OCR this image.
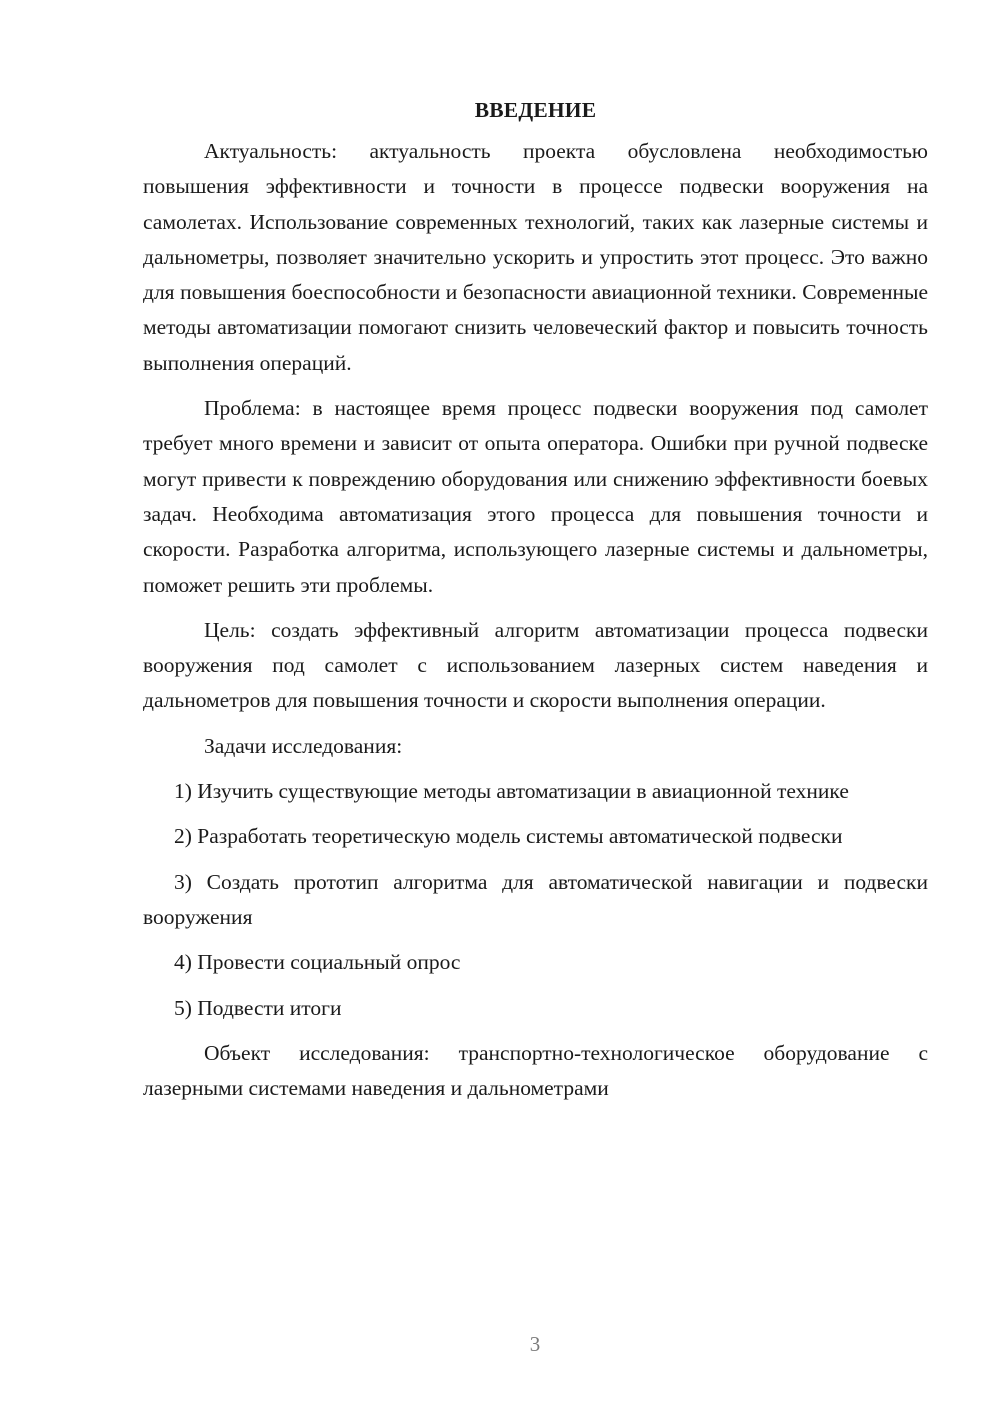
ВВЕДЕНИЕ

Актуальность: актуальность проекта обусловлена необходимостью повышения эффективности и точности в процессе подвески вооружения на самолетах. Использование современных технологий, таких как лазерные системы и дальнометры, позволяет значительно ускорить и упростить этот процесс. Это важно для повышения боеспособности и безопасности авиационной техники. Современные методы автоматизации помогают снизить человеческий фактор и повысить точность выполнения операций.

Проблема: в настоящее время процесс подвески вооружения под самолет требует много времени и зависит от опыта оператора. Ошибки при ручной подвеске могут привести к повреждению оборудования или снижению эффективности боевых задач. Необходима автоматизация этого процесса для повышения точности и скорости. Разработка алгоритма, использующего лазерные системы и дальнометры, поможет решить эти проблемы.

Цель: создать эффективный алгоритм автоматизации процесса подвески вооружения под самолет с использованием лазерных систем наведения и дальнометров для повышения точности и скорости выполнения операции.

Задачи исследования:

1) Изучить существующие методы автоматизации в авиационной технике

2) Разработать теоретическую модель системы автоматической подвески

3) Создать прототип алгоритма для автоматической навигации и подвески вооружения

4) Провести социальный опрос

5) Подвести итоги

Объект исследования: транспортно-технологическое оборудование с лазерными системами наведения и дальнометрами

3
